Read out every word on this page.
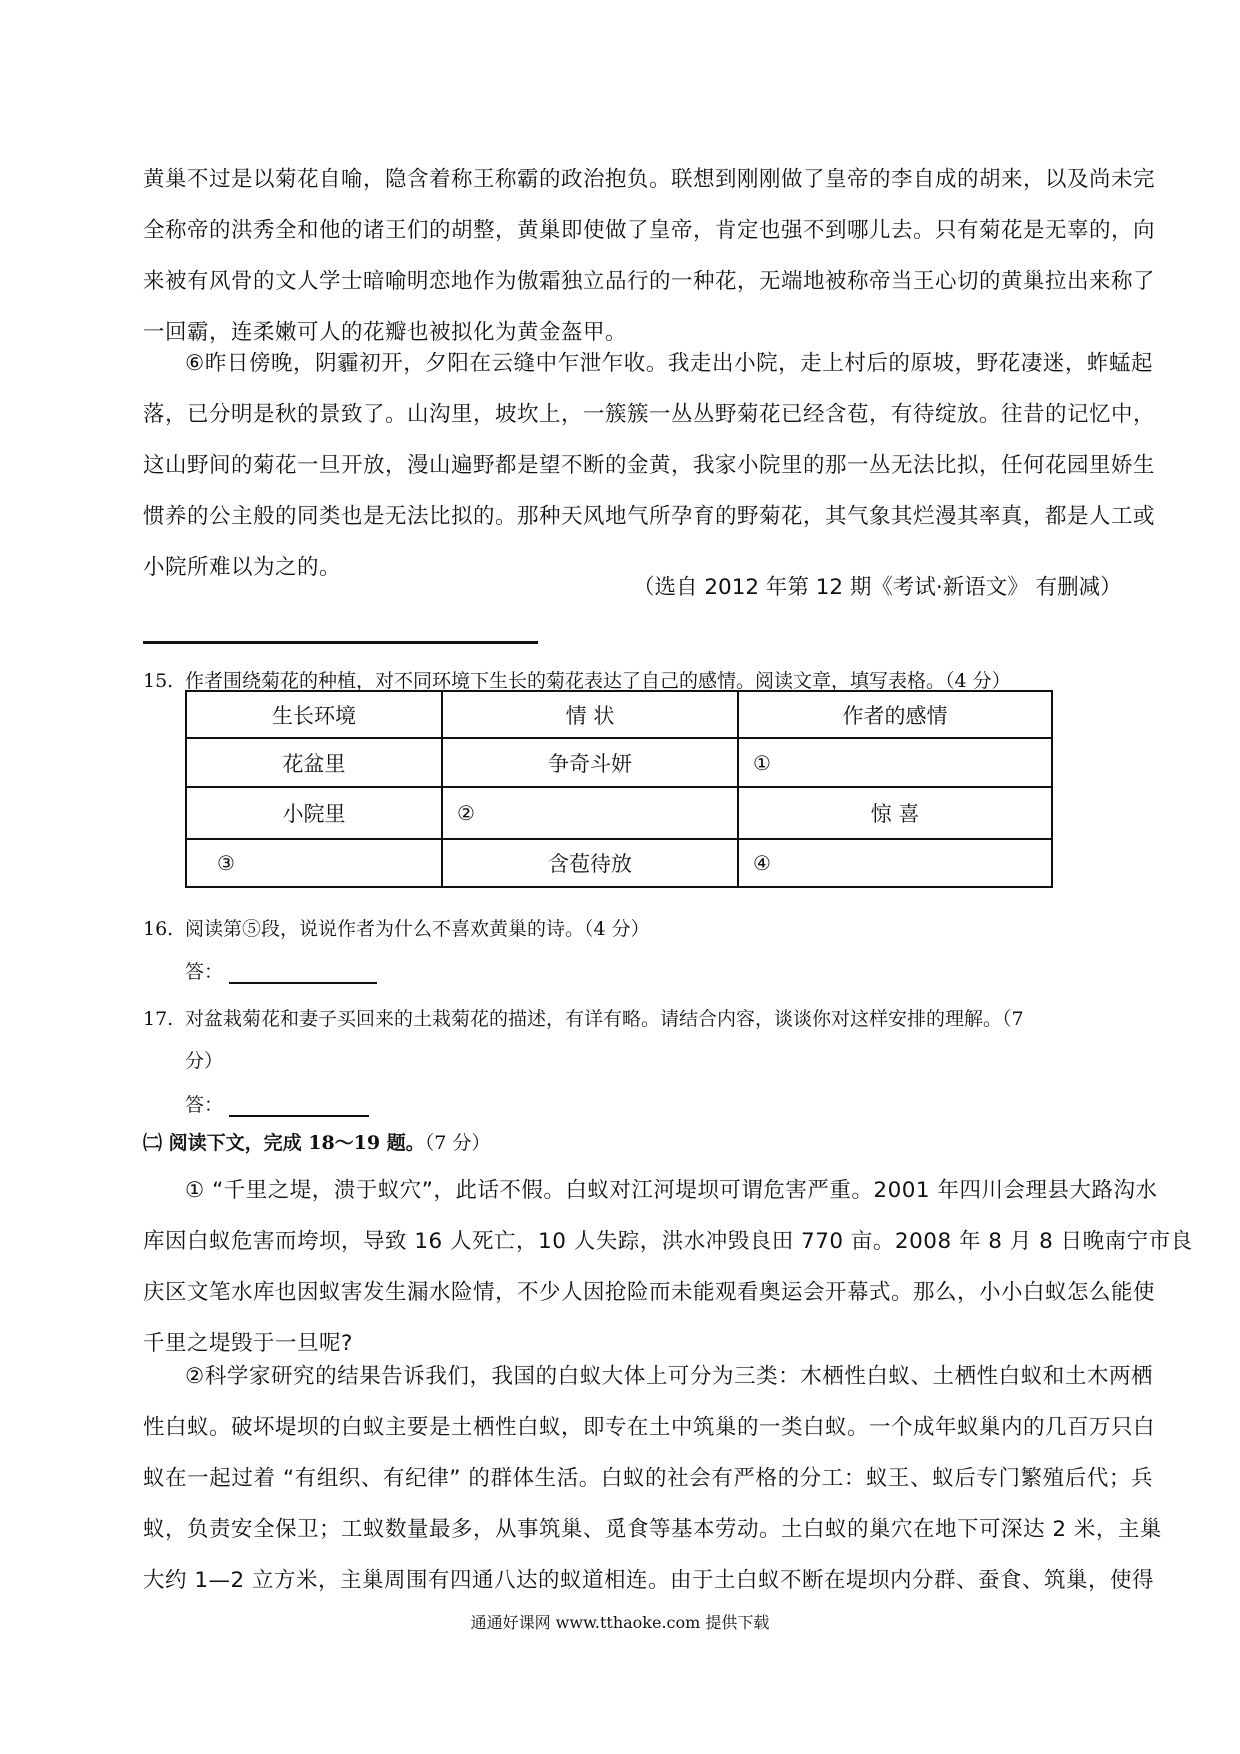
黄巢不过是以菊花自喻，隐含着称王称霸的政治抱负。联想到刚刚做了皇帝的李自成的胡来，以及尚未完
全称帝的洪秀全和他的诸王们的胡整，黄巢即使做了皇帝，肯定也强不到哪儿去。只有菊花是无辜的，向
来被有风骨的文人学士暗喻明恋地作为傲霜独立品行的一种花，无端地被称帝当王心切的黄巢拉出来称了
一回霸，连柔嫩可人的花瓣也被拟化为黄金盔甲。
⑥昨日傍晚，阴霾初开，夕阳在云缝中乍泄乍收。我走出小院，走上村后的原坡，野花凄迷，蚱蜢起
落，已分明是秋的景致了。山沟里，坡坎上，一簇簇一丛丛野菊花已经含苞，有待绽放。往昔的记忆中，
这山野间的菊花一旦开放，漫山遍野都是望不断的金黄，我家小院里的那一丛无法比拟，任何花园里娇生
惯养的公主般的同类也是无法比拟的。那种天风地气所孕育的野菊花，其气象其烂漫其率真，都是人工或
小院所难以为之的。
（选自 2012 年第 12 期《考试·新语文》 有删减）
15. 作者围绕菊花的种植，对不同环境下生长的菊花表达了自己的感情。阅读文章，填写表格。（4 分）
生长环境	情 状	作者的感情
花盆里	争奇斗妍	①
小院里	②	惊 喜
③	含苞待放	④
16. 阅读第⑤段，说说作者为什么不喜欢黄巢的诗。（4 分）
答：
17. 对盆栽菊花和妻子买回来的土栽菊花的描述，有详有略。请结合内容，谈谈你对这样安排的理解。（7
分）
答：
㈡ 阅读下文，完成 18～19 题。（7 分）
① “千里之堤，溃于蚁穴”，此话不假。白蚁对江河堤坝可谓危害严重。2001 年四川会理县大路沟水
库因白蚁危害而垮坝，导致 16 人死亡，10 人失踪，洪水冲毁良田 770 亩。2008 年 8 月 8 日晚南宁市良
庆区文笔水库也因蚁害发生漏水险情，不少人因抢险而未能观看奥运会开幕式。那么，小小白蚁怎么能使
千里之堤毁于一旦呢?
②科学家研究的结果告诉我们，我国的白蚁大体上可分为三类：木栖性白蚁、土栖性白蚁和土木两栖
性白蚁。破坏堤坝的白蚁主要是土栖性白蚁，即专在土中筑巢的一类白蚁。一个成年蚁巢内的几百万只白
蚁在一起过着 “有组织、有纪律” 的群体生活。白蚁的社会有严格的分工：蚁王、蚁后专门繁殖后代；兵
蚁，负责安全保卫；工蚁数量最多，从事筑巢、觅食等基本劳动。土白蚁的巢穴在地下可深达 2 米，主巢
大约 1—2 立方米，主巢周围有四通八达的蚁道相连。由于土白蚁不断在堤坝内分群、蚕食、筑巢，使得
通通好课网 www.tthaoke.com 提供下载
